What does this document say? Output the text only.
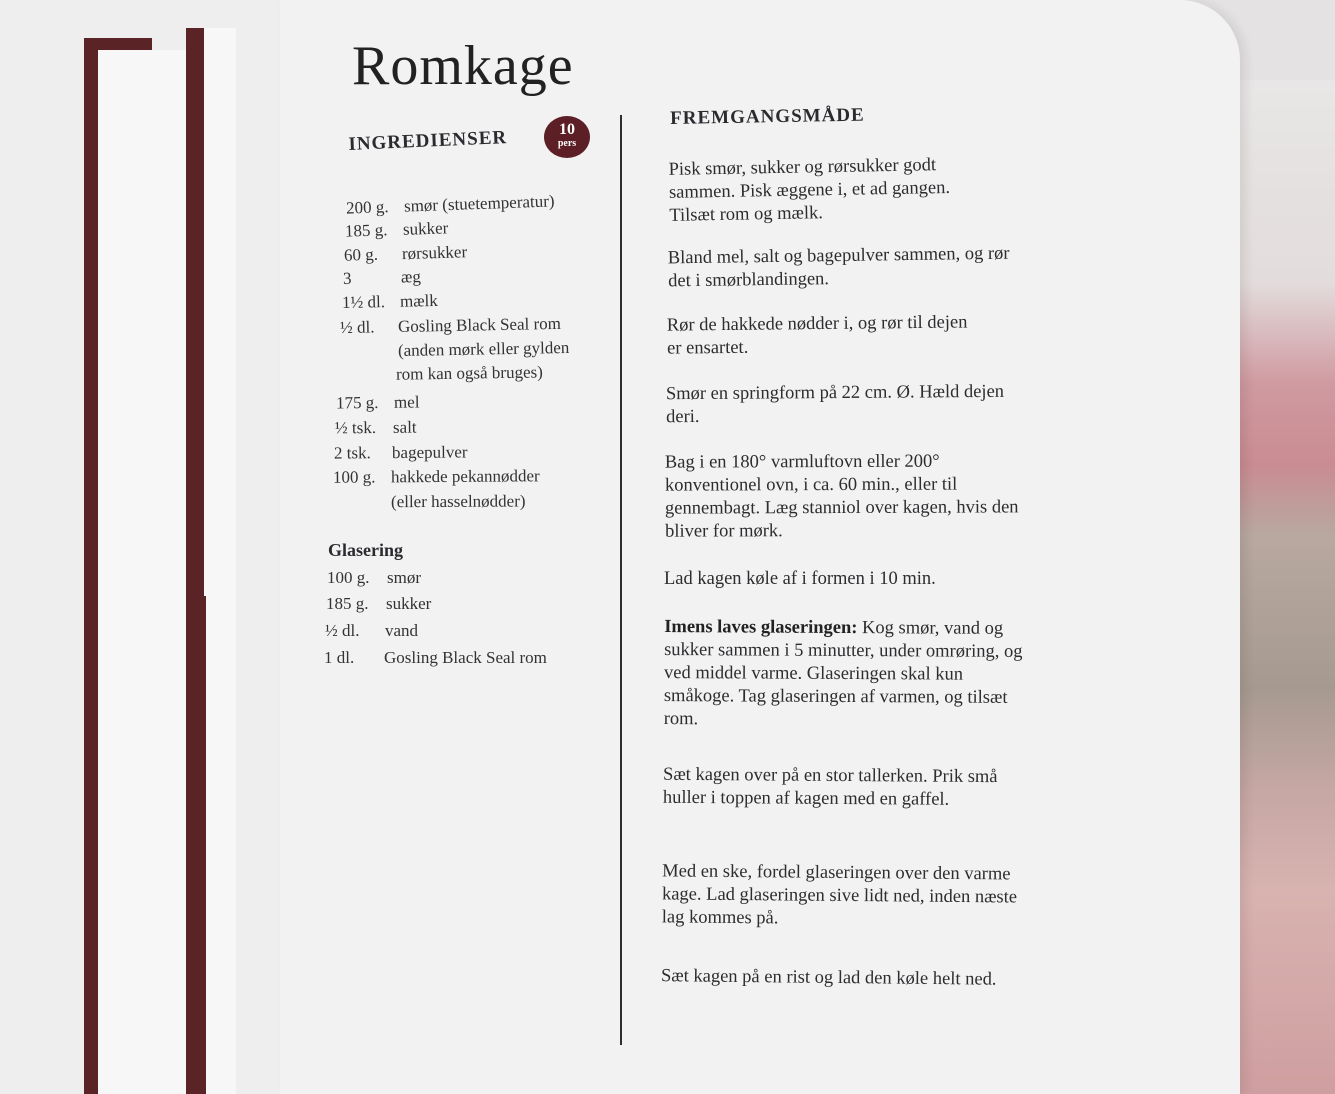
Romkage
INGREDIENSER	10
pers
200 g. smør (stuetemperatur)
185 g. sukker
60 g. rørsukker
3	æg
1½ dl. mælk
½ dl. Gosling Black Seal rom
(anden mørk eller gylden
rom kan også bruges)
175 g. mel
½ tsk. salt
2 tsk. bagepulver
100 g. hakkede pekannødder
(eller hasselnødder)
Glasering
100 g. smør
185 g. sukker
½ dl. vand
1 dl. Gosling Black Seal rom
FREMGANGSMÅDE
Pisk smør, sukker og rørsukker godt sammen. Pisk æggene i, et ad gangen. Tilsæt rom og mælk.
Bland mel, salt og bagepulver sammen, og rør det i smørblandingen.
Rør de hakkede nødder i, og rør til dejen er ensartet.
Smør en springform på 22 cm. Ø. Hæld dejen deri.
Bag i en 180° varmluftovn eller 200° konventionel ovn, i ca. 60 min., eller til gennembagt. Læg stanniol over kagen, hvis den bliver for mørk.
Lad kagen køle af i formen i 10 min.
Imens laves glaseringen: Kog smør, vand og sukker sammen i 5 minutter, under omrøring, og ved middel varme. Glaseringen skal kun småkoge. Tag glaseringen af varmen, og tilsæt rom.
Sæt kagen over på en stor tallerken. Prik små huller i toppen af kagen med en gaffel.
Med en ske, fordel glaseringen over den varme kage. Lad glaseringen sive lidt ned, inden næste lag kommes på.
Sæt kagen på en rist og lad den køle helt ned.
